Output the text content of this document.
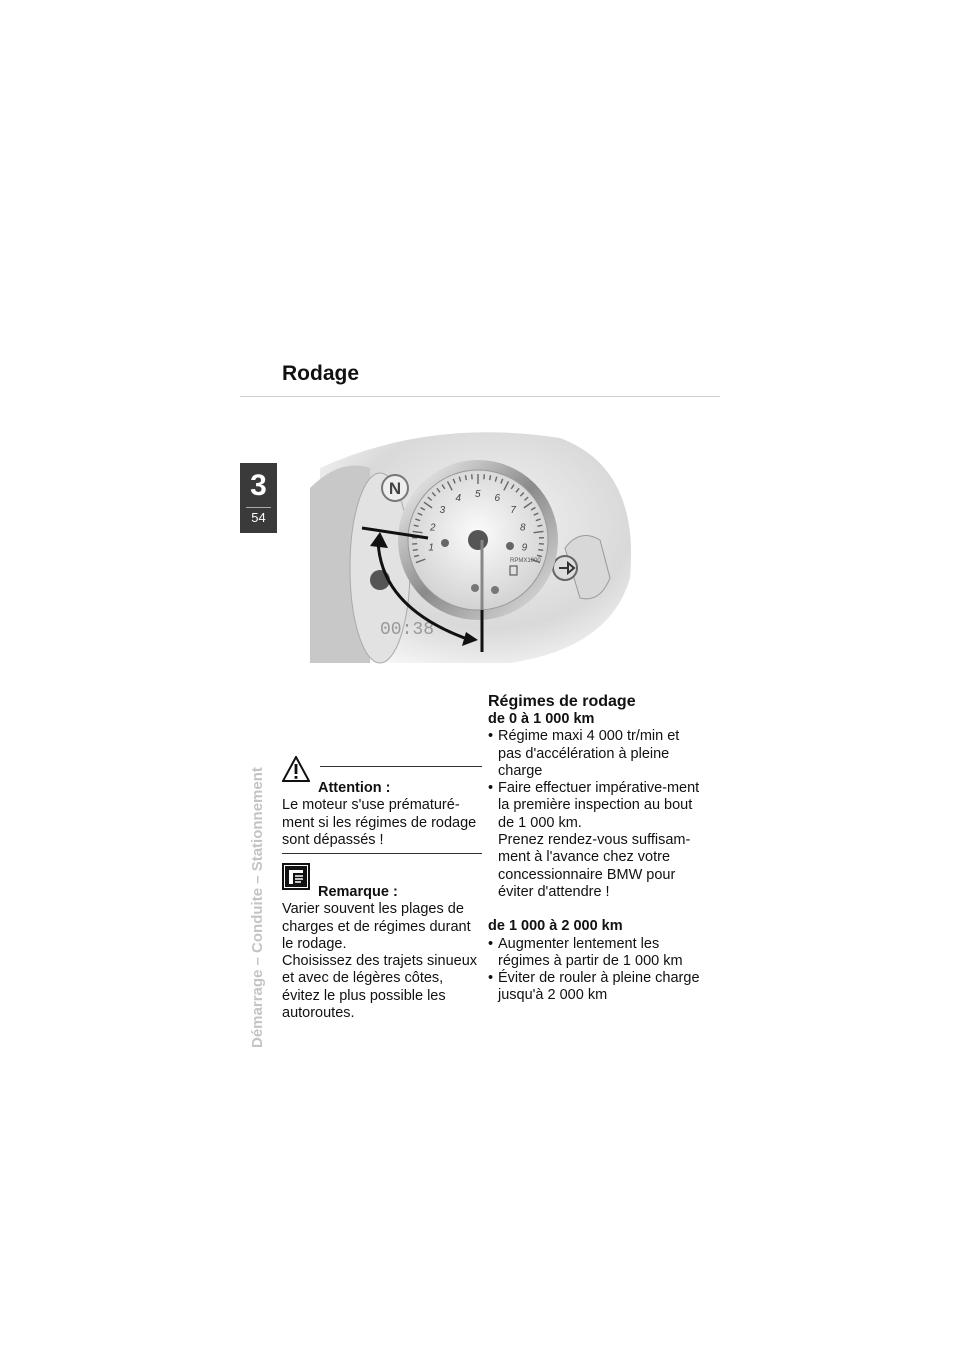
Rodage
3
54
Démarrage – Conduite – Stationnement
N
1
2
3
4 5 6
7
8
9
RPMX1000
00:38
Attention :
Le moteur s'use prématuré-ment si les régimes de rodage sont dépassés !
Remarque :
Varier souvent les plages de charges et de régimes durant le rodage.
Choisissez des trajets sinueux et avec de légères côtes, évitez le plus possible les autoroutes.
Régimes de rodage
de 0 à 1 000 km
• Régime maxi 4 000 tr/min et pas d'accélération à pleine charge
• Faire effectuer impérative-ment la première inspection au bout de 1 000 km.
Prenez rendez-vous suffisam-ment à l'avance chez votre concessionnaire BMW pour éviter d'attendre !
de 1 000 à 2 000 km
• Augmenter lentement les régimes à partir de 1 000 km
• Éviter de rouler à pleine charge jusqu'à 2 000 km
